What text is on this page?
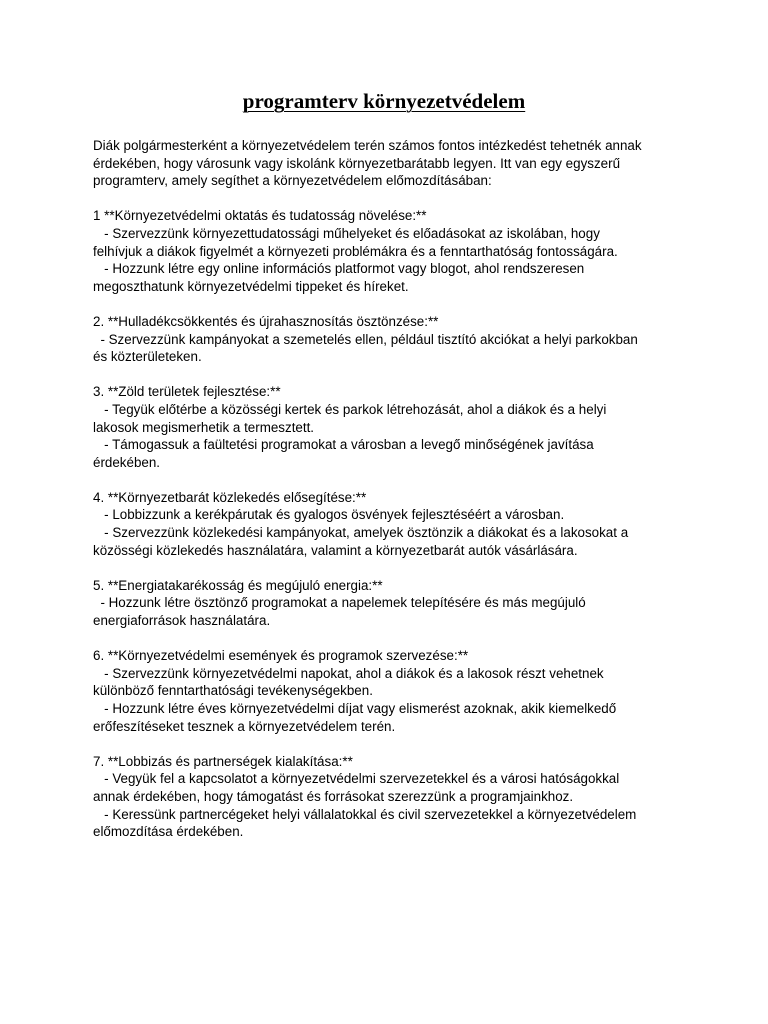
programterv környezetvédelem
Diák polgármesterként a környezetvédelem terén számos fontos intézkedést tehetnék annak
érdekében, hogy városunk vagy iskolánk környezetbarátabb legyen. Itt van egy egyszerű
programterv, amely segíthet a környezetvédelem előmozdításában:
1 **Környezetvédelmi oktatás és tudatosság növelése:**
- Szervezzünk környezettudatossági műhelyeket és előadásokat az iskolában, hogy
felhívjuk a diákok figyelmét a környezeti problémákra és a fenntarthatóság fontosságára.
- Hozzunk létre egy online információs platformot vagy blogot, ahol rendszeresen
megoszthatunk környezetvédelmi tippeket és híreket.
2. **Hulladékcsökkentés és újrahasznosítás ösztönzése:**
- Szervezzünk kampányokat a szemetelés ellen, például tisztító akciókat a helyi parkokban
és közterületeken.
3. **Zöld területek fejlesztése:**
- Tegyük előtérbe a közösségi kertek és parkok létrehozását, ahol a diákok és a helyi
lakosok megismerhetik a termesztett.
- Támogassuk a faültetési programokat a városban a levegő minőségének javítása
érdekében.
4. **Környezetbarát közlekedés elősegítése:**
- Lobbizzunk a kerékpárutak és gyalogos ösvények fejlesztéséért a városban.
- Szervezzünk közlekedési kampányokat, amelyek ösztönzik a diákokat és a lakosokat a
közösségi közlekedés használatára, valamint a környezetbarát autók vásárlására.
5. **Energiatakarékosság és megújuló energia:**
- Hozzunk létre ösztönző programokat a napelemek telepítésére és más megújuló
energiaforrások használatára.
6. **Környezetvédelmi események és programok szervezése:**
- Szervezzünk környezetvédelmi napokat, ahol a diákok és a lakosok részt vehetnek
különböző fenntarthatósági tevékenységekben.
- Hozzunk létre éves környezetvédelmi díjat vagy elismerést azoknak, akik kiemelkedő
erőfeszítéseket tesznek a környezetvédelem terén.
7. **Lobbizás és partnerségek kialakítása:**
- Vegyük fel a kapcsolatot a környezetvédelmi szervezetekkel és a városi hatóságokkal
annak érdekében, hogy támogatást és forrásokat szerezzünk a programjainkhoz.
- Keressünk partnercégeket helyi vállalatokkal és civil szervezetekkel a környezetvédelem
előmozdítása érdekében.
